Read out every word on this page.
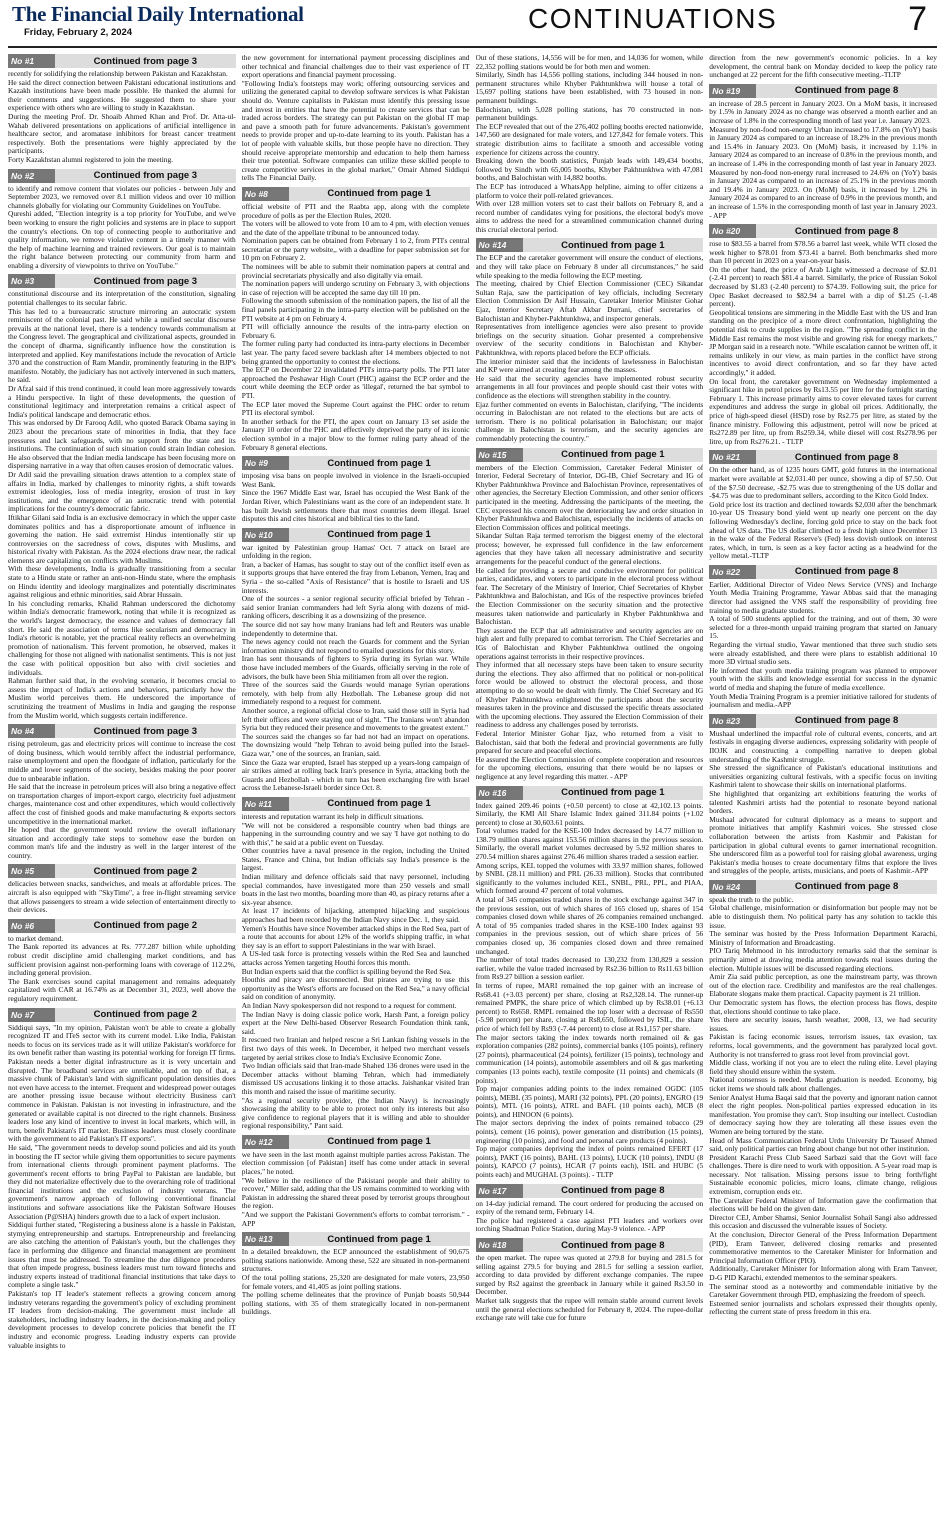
The Financial Daily International
Friday, February 2, 2024	CONTINUATIONS	7
No #1	Continued from page 3

recently for solidifying the relationship between Pakistan and Kazakhstan.

He said the direct connection between Pakistani educational institutions and Kazakh institutions have been made possible. He thanked the alumni for their comments and suggestions. He suggested them to share your experience with others who are willing to study in Kazakhstan.

During the meeting Prof. Dr. Shoaib Ahmed Khan and Prof. Dr. Atta-ul-Wahab delivered presentations on applications of artificial intelligence in healthcare sector, and aromatase inhibitors for breast cancer treatment respectively. Both the presentations were highly appreciated by the participants.

Forty Kazakhstan alumni registered to join the meeting.

No #2	Continued from page 3

to identify and remove content that violates our policies - between July and September 2023, we removed over 8.1 million videos and over 10 million channels globally for violating our Community Guidelines on YouTube.

Qureshi added, "Election integrity is a top priority for YouTube, and we've been working to ensure the right policies and systems are in place to support the country's elections. On top of connecting people to authoritative and quality information, we remove violative content in a timely manner with the help of machine learning and trained reviewers. Our goal is to maintain the right balance between protecting our community from harm and enabling a diversity of viewpoints to thrive on YouTube."

No #3	Continued from page 3

constitutional discourse and its interpretation of the constitution, signaling potential challenges to its secular fabric.

This has led to a bureaucratic structure mirroring an autocratic system reminiscent of the colonial past. He said while a unified secular discourse prevails at the national level, there is a tendency towards communalism at the Congress level. The geographical and civilizational aspects, grounded in the concept of dharma, significantly influence how the constitution is interpreted and applied. Key manifestations include the revocation of Article 370 and the construction of Ram Mandir, prominently featuring in the BJP's manifesto. Notably, the judiciary has not actively intervened in such matters, he said.

Dr Afzal said if this trend continued, it could lean more aggressively towards a Hindu perspective. In light of these developments, the question of constitutional legitimacy and interpretation remains a critical aspect of India's political landscape and democratic ethos.

This was endorsed by Dr Farooq Adil, who quoted Barack Obama saying in 2023 about the precarious state of minorities in India, that they face pressures and lack safeguards, with no support from the state and its institutions. The continuation of such situation could strain Indian cohesion. He also observed that the Indian media landscape has been focusing more on dispersing narrative in a way that often causes erosion of democratic values.

Dr Adil said the prevailing situation draws attention to a complex state of affairs in India, marked by challenges to minority rights, a shift towards extremist ideologies, loss of media integrity, erosion of trust in key institutions, and the emergence of an autocratic trend with potential implications for the country's democratic fabric.

Iftikhar Gilani said India is an exclusive democracy in which the upper caste dominates politics and has a disproportionate amount of influence in governing the nation. He said extremist Hindus intentionally stir up controversies on the sacredness of cows, disputes with Muslims, and historical rivalry with Pakistan. As the 2024 elections draw near, the radical elements are capitalizing on conflicts with Muslims.

With these developments, India is gradually transitioning from a secular state to a Hindu state or rather an anti-non-Hindu state, where the emphasis on Hindu identity and ideology marginalizes and potentially discriminates against religious and ethnic minorities, said Abrar Hussain.

In his concluding remarks, Khalid Rahman underscored the dichotomy within India's democratic framework, noting that while it is recognized as the world's largest democracy, the essence and values of democracy fall short. He said the association of terms like secularism and democracy in India's rhetoric is notable, yet the practical reality reflects an overwhelming promotion of nationalism. This fervent promotion, he observed, makes it challenging for those not aligned with nationalist sentiments. This is not just the case with political opposition but also with civil societies and individuals.

Rahman further said that, in the evolving scenario, it becomes crucial to assess the impact of India's actions and behaviors, particularly how the Muslim world perceives them. He underscored the importance of scrutinizing the treatment of Muslims in India and gauging the response from the Muslim world, which suggests certain indifference.

No #4	Continued from page 3

rising petroleum, gas and electricity prices will continue to increase the cost of doing business, which would terribly affect the industrial performance, raise unemployment and open the floodgate of inflation, particularly for the middle and lower segments of the society, besides making the poor poorer due to unbearable inflation.

He said that the increase in petroleum prices will also bring a negative effect on transportation charges of import-export cargo, electricity fuel adjustment charges, maintenance cost and other expenditures, which would collectively affect the cost of finished goods and make manufacturing & exports sectors uncompetitive in the international market.

He hoped that the government would review the overall inflationary situation and accordingly take steps to somehow ease the burden on common man's life and the industry as well in the larger interest of the country.

No #5	Continued from page 2

delicacies between snacks, sandwiches, and meals at affordable prices. The aircraft is also equipped with "SkyTime", a free in-flight streaming service that allows passengers to stream a wide selection of entertainment directly to their devices.

No #6	Continued from page 2

to market demand.

The Bank reported its advances at Rs. 777.287 billion while upholding robust credit discipline amid challenging market conditions, and has sufficient provision against non-performing loans with coverage of 112.2%, including general provision.

The Bank exercises sound capital management and remains adequately capitalized with CAR at 16.74% as at December 31, 2023, well above the regulatory requirement.

No #7	Continued from page 2

Siddiqui says, "In my opinion, Pakistan won't be able to create a globally recognized IT and ITeS sector with its current model. Like India, Pakistan needs to focus on its services trade as it will utilize Pakistan's workforce for its own benefit rather than wasting its potential working for foreign IT firms. Pakistan needs a better digital infrastructure as it is very uncertain and disrupted. The broadband services are unreliable, and on top of that, a massive chunk of Pakistan's land with significant population densities does not even have access to the internet. Frequent and widespread power outages are another pressing issue because without electricity Business can't commence in Pakistan. Pakistan is not investing in infrastructure, and the generated or available capital is not directed to the right channels. Business leaders lose any kind of incentive to invest in local markets, which will, in turn, benefit Pakistan's IT market. Business leaders must closely coordinate with the government to aid Pakistan's IT exports".

He said, "The government needs to develop sound policies and aid its youth in boosting the IT sector while giving them opportunities to secure payments from international clients through prominent payment platforms. The government's recent efforts to bring PayPal to Pakistan are laudable, but they did not materialize effectively due to the overarching role of traditional financial institutions and the exclusion of industry veterans. The government's narrow approach of following conventional financial institutions and software associations like the Pakistan Software Houses Association (P@SHA) hinders growth due to a lack of expert inclusion.

Siddiqui further stated, "Registering a business alone is a hassle in Pakistan, stymying entrepreneurship and startups. Entrepreneurship and freelancing are also catching the attention of Pakistan's youth, but the challenges they face in performing due diligence and financial management are prominent issues that must be addressed. To streamline the due diligence procedures that often impede progress, business leaders must turn toward fintechs and industry experts instead of traditional financial institutions that take days to complete a single task."

Pakistan's top IT leader's statement reflects a growing concern among industry veterans regarding the government's policy of excluding prominent IT leaders from decision-making. The government must include all stakeholders, including industry leaders, in the decision-making and policy development processes to develop concrete policies that benefit the IT industry and economic progress. Leading industry experts can provide valuable insights to

the new government for international payment processing disciplines and other technical and financial challenges due to their vast experience of IT export operations and financial payment processing.

"Following India's footsteps may work; offering outsourcing services and utilizing the generated capital to develop software services is what Pakistan should do. Venture capitalists in Pakistan must identify this pressing issue and invest in entities that have the potential to create services that can be traded across borders. The strategy can put Pakistan on the global IT map and pave a smooth path for future advancements. Pakistan's government needs to provide proper and up-to-date learning to its youth. Pakistan has a lot of people with valuable skills, but those people have no direction. They should receive appropriate mentorship and education to help them harness their true potential. Software companies can utilize these skilled people to create competitive services in the global market," Omair Ahmed Siddiqui tells The Financial Daily.

No #8	Continued from page 1

official website of PTI and the Raabta app, along with the complete procedure of polls as per the Election Rules, 2020.

The voters will be allowed to vote from 10 am to 4 pm, with election venues and the date of the appellate tribunal to be announced today.

Nomination papers can be obtained from February 1 to 2, from PTI's central secretariat or the party website,, with a deadline for paper submission set for 10 pm on February 2.

The nominees will be able to submit their nomination papers at central and provincial secretariats physically and also digitally via email.

The nomination papers will undergo scrutiny on February 3, with objections in case of rejection will be accepted the same day till 10 pm.

Following the smooth submission of the nomination papers, the list of all the final panels participating in the intra-party election will be published on the PTI website at 4 pm on February 4.

PTI will officially announce the results of the intra-party election on February 6.

The former ruling party had conducted its intra-party elections in December last year. The party faced severe backlash after 14 members objected to not being granted the opportunity to contest the elections.

The ECP on December 22 invalidated PTI's intra-party polls. The PTI later approached the Peshawar High Court (PHC) against the ECP order and the court while deeming the ECP order as 'illegal', returned the bat symbol to PTI.

The ECP later moved the Supreme Court against the PHC order to return PTI its electoral symbol.

In another setback for the PTI, the apex court on January 13 set aside the January 10 order of the PHC and effectively deprived the party of its iconic election symbol in a major blow to the former ruling party ahead of the February 8 general elections.

No #9	Continued from page 1

imposing visa bans on people involved in violence in the Israeli-occupied West Bank.

Since the 1967 Middle East war, Israel has occupied the West Bank of the Jordan River, which Palestinians want as the core of an independent state. It has built Jewish settlements there that most countries deem illegal. Israel disputes this and cites historical and biblical ties to the land.

No #10	Continued from page 1

war ignited by Palestinian group Hamas' Oct. 7 attack on Israel are unfolding in the region.

Iran, a backer of Hamas, has sought to stay out of the conflict itself even as it supports groups that have entered the fray from Lebanon, Yemen, Iraq and Syria - the so-called "Axis of Resistance" that is hostile to Israeli and US interests.

One of the sources - a senior regional security official briefed by Tehran - said senior Iranian commanders had left Syria along with dozens of mid-ranking officers, describing it as a downsizing of the presence.

The source did not say how many Iranians had left and Reuters was unable independently to determine that.

The news agency could not reach the Guards for comment and the Syrian information ministry did not respond to emailed questions for this story.

Iran has sent thousands of fighters to Syria during its Syrian war. While those have included members of the Guards, officially serving in the role of advisors, the bulk have been Shia militiamen from all over the region.

Three of the sources said the Guards would manage Syrian operations remotely, with help from ally Hezbollah. The Lebanese group did not immediately respond to a request for comment.

Another source, a regional official close to Iran, said those still in Syria had left their offices and were staying out of sight. "The Iranians won't abandon Syria but they reduced their presence and movements to the greatest extent."

The sources said the changes so far had not had an impact on operations. The downsizing would "help Tehran to avoid being pulled into the Israel-Gaza war," one of the sources, an Iranian, said.

Since the Gaza war erupted, Israel has stepped up a years-long campaign of air strikes aimed at rolling back Iran's presence in Syria, attacking both the Guards and Hezbollah - which in turn has been exchanging fire with Israel across the Lebanese-Israeli border since Oct. 8.

No #11	Continued from page 1

interests and reputation warrant its help in difficult situations.

"We will not be considered a responsible country when bad things are happening in the surrounding country and we say 'I have got nothing to do with this'," he said at a public event on Tuesday.

Other countries have a naval presence in the region, including the United States, France and China, but Indian officials say India's presence is the largest.

Indian military and defence officials said that navy personnel, including special commandos, have investigated more than 250 vessels and small boats in the last two months, boarding more than 40, as piracy returns after a six-year absence.

At least 17 incidents of hijacking, attempted hijacking and suspicious approaches had been recorded by the Indian Navy since Dec. 1, they said.

Yemen's Houthis have since November attacked ships in the Red Sea, part of a route that accounts for about 12% of the world's shipping traffic, in what they say is an effort to support Palestinians in the war with Israel.

A US-led task force is protecting vessels within the Red Sea and launched attacks across Yemen targeting Houthi forces this month.

But Indian experts said that the conflict is spilling beyond the Red Sea.

Houthis and piracy are disconnected. But pirates are trying to use this opportunity as the West's efforts are focused on the Red Sea," a navy official said on condition of anonymity.

An Indian Navy spokesperson did not respond to a request for comment.

The Indian Navy is doing classic police work, Harsh Pant, a foreign policy expert at the New Delhi-based Observer Research Foundation think tank, said.

It rescued two Iranian and helped rescue a Sri Lankan fishing vessels in the first two days of this week. In December, it helped two merchant vessels targeted by aerial strikes close to India's Exclusive Economic Zone.

Two Indian officials said that Iran-made Shahed 136 drones were used in the December attacks without blaming Tehran, which had immediately dismissed US accusations linking it to those attacks. Jaishankar visited Iran this month and raised the issue of maritime security.

"As a regional security provider, (the Indian Navy) is increasingly showcasing the ability to be able to protect not only its interests but also give confidence to regional players that it is willing and able to shoulder regional responsibility," Pant said.

No #12	Continued from page 1

we have seen in the last month against multiple parties across Pakistan. The election commission [of Pakistan] itself has come under attack in several places," he noted.

"We believe in the resilience of the Pakistani people and their ability to recover," Miller said, adding that the US remains committed to working with Pakistan in addressing the shared threat posed by terrorist groups throughout the region.

"And we support the Pakistani Government's efforts to combat terrorism." - APP

No #13	Continued from page 1

In a detailed breakdown, the ECP announced the establishment of 90,675 polling stations nationwide. Among these, 522 are situated in non-permanent structures.

Of the total polling stations, 25,320 are designated for male voters, 23,950 for female voters, and 41,405 as joint polling stations.

The polling scheme delineates that the province of Punjab boasts 50,944 polling stations, with 35 of them strategically located in non-permanent buildings.

Out of these stations, 14,556 will be for men, and 14,036 for women, while 22,352 polling stations would be for both men and women.

Similarly, Sindh has 14,556 polling stations, including 344 housed in non-permanent structures while Khyber Pakhtunkhwa will house a total of 15,697 polling stations have been established, with 73 housed in non-permanent buildings.

Balochistan, with 5,028 polling stations, has 70 constructed in non-permanent buildings.

The ECP revealed that out of the 276,402 polling booths erected nationwide, 147,560 are designated for male voters, and 127,842 for female voters. This strategic distribution aims to facilitate a smooth and accessible voting experience for citizens across the country.

Breaking down the booth statistics, Punjab leads with 149,434 booths, followed by Sindh with 65,005 booths, Khyber Pakhtunkhwa with 47,081 booths, and Balochistan with 14,882 booths.

The ECP has introduced a WhatsApp helpline, aiming to offer citizens a platform to voice their poll-related grievances.

With over 128 million voters set to cast their ballots on February 8, and a record number of candidates vying for positions, the electoral body's move aims to address the need for a streamlined communication channel during this crucial electoral period.

No #14	Continued from page 1

The ECP and the caretaker government will ensure the conduct of elections, and they will take place on February 8 under all circumstances," he said while speaking to the media following the ECP meeting.

The meeting, chaired by Chief Election Commissioner (CEC) Sikandar Sultan Raja, saw the participation of key officials, including Secretary Election Commission Dr Asif Hussain, Caretaker Interior Minister Gohar Ejaz, Interior Secretary Aftab Akbar Durrani, chief secretaries of Balochistan and Khyber-Pakhtunkhwa, and inspector generals.

Representatives from intelligence agencies were also present to provide briefings on the security situation. Gohar presented a comprehensive overview of the security conditions in Balochistan and Khyber-Pakhtunkhwa, with reports placed before the ECP officials.

The interior minister said that the incidents of lawlessness in Balochistan and KP were aimed at creating fear among the masses.

He said that the security agencies have implemented robust security arrangements in all four provinces and people should cast their votes with confidence as the elections will strengthen stability in the country.

Ejaz further commented on events in Balochistan, clarifying, "The incidents occurring in Balochistan are not related to the elections but are acts of terrorism. There is no political polarisation in Balochistan; our major challenge in Balochistan is terrorism, and the security agencies are commendably protecting the country."

No #15	Continued from page 1

members of the Election Commission, Caretaker Federal Minister of Interior, Federal Secretary of Interior, DG-IB, Chief Secretary and IG of Khyber Pakhtunkhwa Province and Balochistan Province, representatives of other agencies, the Secretary Election Commission, and other senior officers participated in the meeting. Addressing the participants of the meeting, the CEC expressed his concern over the deteriorating law and order situation in Khyber Pakhtunkhwa and Balochistan, especially the incidents of attacks on Election Commission offices and political meetings.

Sikandar Sultan Raja termed terrorism the biggest enemy of the electoral process; however, he expressed full confidence in the law enforcement agencies that they have taken all necessary administrative and security arrangements for the peaceful conduct of the general elections.

He called for providing a secure and conducive environment for political parties, candidates, and voters to participate in the electoral process without fear. The Secretary of the Ministry of Interior, Chief Secretaries of Khyber Pakhtunkhwa and Balochistan, and IGs of the respective provinces briefed the Election Commissioner on the security situation and the protective measures taken nationwide and particularly in Khyber Pakhtunkhwa and Balochistan.

They assured the ECP that all administrative and security agencies are on high alert and fully prepared to combat terrorism. The Chief Secretaries and IGs of Balochistan and Khyber Pakhtunkhwa outlined the ongoing operations against terrorists in their respective provinces.

They informed that all necessary steps have been taken to ensure security during the elections. They also affirmed that no political or non-political force would be allowed to obstruct the electoral process, and those attempting to do so would be dealt with firmly. The Chief Secretary and IG of Khyber Pakhtunkhwa enlightened the participants about the security measures taken in the province and discussed the specific threats associated with the upcoming elections. They assured the Election Commission of their readiness to address any challenges posed by terrorists.

Federal Interior Minister Gohar Ijaz, who returned from a visit to Balochistan, said that both the federal and provincial governments are fully prepared for secure and peaceful elections.

He assured the Election Commission of complete cooperation and resources for the upcoming elections, ensuring that there would be no lapses or negligence at any level regarding this matter. - APP

No #16	Continued from page 1

Index gained 209.46 points (+0.50 percent) to close at 42,102.13 points. Similarly, the KMI All Share Islamic Index gained 311.84 points (+1.02 percent) to close at 30,603.61 points.

Total volumes traded for the KSE-100 Index decreased by 14.77 million to 138.79 million shares against 153.56 million shares in the previous session. Similarly, the overall market volumes decreased by 5.92 million shares to 270.54 million shares against 276.46 million shares traded a session earlier.

Among scrips, KEL topped the volumes with 33.97 million shares, followed by SNBL (28.11 million) and PRL (26.33 million). Stocks that contributed significantly to the volumes included KEL, SNBL, PRL, PPL, and PIAA, which formed around 47 percent of total volumes.

A total of 345 companies traded shares in the stock exchange against 347 in the previous session, out of which shares of 165 closed up, shares of 154 companies closed down while shares of 26 companies remained unchanged. A total of 95 companies traded shares in the KSE-100 Index against 93 companies in the previous session, out of which share prices of 56 companies closed up, 36 companies closed down and three remained unchanged.

The number of total trades decreased to 130,232 from 130,829 a session earlier, while the value traded increased by Rs2.36 billion to Rs11.63 billion from Rs9.27 billion a session earlier.

In terms of rupee, MARI remained the top gainer with an increase of Rs68.41 (+3.03 percent) per share, closing at Rs2,328.14. The runner-up remained PMPK, the share price of which climbed up by Rs38.01 (+6.13 percent) to Rs658. RMPL remained the top loser with a decrease of Rs550 (-5.98 percent) per share, closing at Rs8,650, followed by ISIL, the share price of which fell by Rs93 (-7.44 percent) to close at Rs1,157 per share.

The major sectors taking the index towards north remained oil & gas exploration companies (282 points), commercial banks (105 points), refinery (27 points), pharmaceutical (24 points), fertilizer (15 points), technology and communication (14 points), automobile assemblers and oil & gas marketing companies (13 points each), textile composite (11 points) and chemicals (8 points).

Top major companies adding points to the index remained OGDC (105 points), MEBL (35 points), MARI (32 points), PPL (20 points), ENGRO (19 points), MTL (16 points), ATRL and BAFL (10 points each), MCB (8 points), and HINOON (6 points).

The major sectors depriving the index of points remained tobacco (29 points), cement (16 points), power generation and distribution (15 points), engineering (10 points), and food and personal care products (4 points).

Top major companies depriving the index of points remained EFERT (17 points), PAKT (16 points), BAHL (13 points), LUCK (10 points), INDU (8 points), KAPCO (7 points), HCAR (7 points each), ISIL and HUBC (5 points each) and MUGHAL (3 points). - TLTP

No #17	Continued from page 8

on 14-day judicial remand. The court ordered for producing the accused on expiry of the remand term, February 14.

The police had registered a case against PTI leaders and workers over torching Shadman Police Station, during May-9 violence. - APP

No #18	Continued from page 8

the open market. The rupee was quoted at 279.8 for buying and 281.5 for selling against 279.5 for buying and 281.5 for selling a session earlier, according to data provided by different exchange companies. The rupee surged by Rs2 against the greenback in January while it gained Rs3.50 in December.

Market talk suggests that the rupee will remain stable around current levels until the general elections scheduled for February 8, 2024. The rupee-dollar exchange rate will take cue for future

direction from the new government's economic policies. In a key development, the central bank on Monday decided to keep the policy rate unchanged at 22 percent for the fifth consecutive meeting.-TLTP

No #19	Continued from page 8

an increase of 28.5 percent in January 2023. On a MoM basis, it increased by 1.5% in January 2024 as no change was observed a month earlier and an increase of 1.8% in the corresponding month of last year i.e. January 2023.

Measured by non-food non-energy Urban increased to 17.8% on (YoY) basis in January 2024 as compared to an increase of 18.2% in the previous month and 15.4% in January 2023. On (MoM) basis, it increased by 1.1% in January 2024 as compared to an increase of 0.8% in the previous month, and an increase of 1.4% in the corresponding month of last year in January 2023.

Measured by non-food non-energy rural increased to 24.6% on (YoY) basis in January 2024 as compared to an increase of 25.1% in the previous month and 19.4% in January 2023. On (MoM) basis, it increased by 1.2% in January 2024 as compared to an increase of 0.9% in the previous month, and an increase of 1.5% in the corresponding month of last year in January 2023. - APP

No #20	Continued from page 8

rose to $83.55 a barrel from $78.56 a barrel last week, while WTI closed the week higher to $78.01 from $73.41 a barrel. Both benchmarks shed more than 10 percent in 2023 on a year-on-year basis.

On the other hand, the price of Arab Light witnessed a decrease of $2.01 (-2.41 percent) to reach $81.4 a barrel. Similarly, the price of Russian Sokol decreased by $1.83 (-2.40 percent) to $74.39. Following suit, the price for Opec Basket decreased to $82.94 a barrel with a dip of $1.25 (-1.48 percent).

Geopolitical tensions are simmering in the Middle East with the US and Iran standing on the precipice of a more direct confrontation, highlighting the potential risk to crude supplies in the region. "The spreading conflict in the Middle East remains the most visible and growing risk for energy markets," JP Morgan said in a research note. "While escalation cannot be written off, it remains unlikely in our view, as main parties in the conflict have strong incentives to avoid direct confrontation, and so far they have acted accordingly," it added.

On local front, the caretaker government on Wednesday implemented a significant hike in petrol prices by Rs13.55 per litre for the fortnight starting February 1. This increase primarily aims to cover elevated taxes for current expenditures and address the surge in global oil prices. Additionally, the price of high-speed diesel (HSD) rose by Rs2.75 per litre, as stated by the finance ministry. Following this adjustment, petrol will now be priced at Rs272.89 per litre, up from Rs259.34, while diesel will cost Rs278.96 per litre, up from Rs276.21. - TLTP

No #21	Continued from page 8

On the other hand, as of 1235 hours GMT, gold futures in the international market were available at $2,031.40 per ounce, showing a dip of $7.50. Out of the $7.50 decrease, -$2.75 was due to strengthening of the US dollar and -$4.75 was due to predominant sellers, according to the Kitco Gold Index.

Gold price lost its traction and declined towards $2,030 after the benchmark 10-year US Treasury bond yield went up nearly one percent on the day following Wednesday's decline, forcing gold price to stay on the back foot ahead of US data. The US dollar climbed to a fresh high since December 13 in the wake of the Federal Reserve's (Fed) less dovish outlook on interest rates, which, in turn, is seen as a key factor acting as a headwind for the yellow metal.-TLTP

No #22	Continued from page 8

Earlier, Additional Director of Video News Service (VNS) and Incharge Youth Media Training Programme, Yawar Abbas said that the managing director had assigned the VNS staff the responsibility of providing free training to media graduate students.

A total of 500 students applied for the training, and out of them, 30 were selected for a three-month unpaid training program that started on January 15.

Regarding the virtual studio, Yawar mentioned that three such studio sets were already established, and there were plans to establish additional 10 more 3D virtual studio sets.

He informed that youth media training program was planned to empower youth with the skills and knowledge essential for success in the dynamic world of media and shaping the future of media excellence.

Youth Media Training Program is a premier initiative tailored for students of journalism and media.-APP

No #23	Continued from page 8

Mushaal underlined the impactful role of cultural events, concerts, and art festivals in engaging diverse audiences, expressing solidarity with people of IIOJK and constructing a compelling narrative to deepen global understanding of the Kashmir struggle.

She stressed the significance of Pakistan's educational institutions and universities organizing cultural festivals, with a specific focus on inviting Kashmiri talent to showcase their skills on international platforms.

She highlighted that organizing art exhibitions featuring the works of talented Kashmiri artists had the potential to resonate beyond national borders.

Mushaal advocated for cultural diplomacy as a means to support and promote initiatives that amplify Kashmiri voices. She stressed close collaboration between the artists from Kashmir and Pakistan for participation in global cultural events to garner international recognition. She underscored film as a powerful tool for raising global awareness, urging Pakistan's media houses to create documentary films that explore the lives and struggles of the people, artists, musicians, and poets of Kashmir.-APP

No #24	Continued from page 8

speak the truth to the public.

Global challenge, misinformation or disinformation but people may not be able to distinguish them. No political party has any solution to tackle this issue.

The seminar was hosted by the Press Information Department Karachi, Ministry of Information and Broadcasting.

PIO Tariq Mehmood in his introductory remarks said that the seminar is primarily aimed at drawing media attention towards real issues during the election. Multiple issues will be discussed regarding elections.

Amir Zia said public perception, as one the mainstream party, was thrown out of the election race. Credibility and manifestos are the real challenges. Elaborate slogans make them practical. Capacity payment is 21 trillion.

Our Democratic system has flows, the election process has flows, despite that, elections should continue to take place.

Yes there are security issues, harsh weather, 2008, 13, we had security issues.

Pakistan is facing economic issues, terrorism issues, tax evasion, tax reforms, local governments, and the government has paralyzed local govt. Authority is not transferred to grass root level from provincial govt.

Middle class, working if not you are to elect the ruling elite. Level playing field they should ensure within the system.

National consensus is needed. Media graduation is needed. Economy, big ticket items we should talk about challenges.

Senior Analyst Huma Baqai said that the poverty and ignorant nation cannot elect the right peoples. Non-political parties expressed education in its manifestation. You promise they can't. Stop insulting our intellect. Custodian of democracy saying how they are tolerating all these issues even the Women are being tortured by the state.

Head of Mass Communication Federal Urdu University Dr Tauseef Ahmed said, only political parties can bring about change but not other institution.

President Karachi Press Club Saeed Sarbazi said that the Govt will face challenges. There is dire need to work with opposition. A 5-year road map is necessary. Not talisation. Missing persons issue to bring forth/fight Sustainable economic policies, micro loans, climate change, religious extremism, corruption ends etc.

The Caretaker Federal Minister of Information gave the confirmation that elections will be held on the given date.

Director CEJ, Amber Shamsi, Senior Journalist Sohail Sangi also addressed this occasion and discussed the vulnerable issues of Society.

At the conclusion, Director General of the Press Information Department (PID), Eram Tanveer, delivered closing remarks and presented commemorative mementos to the Caretaker Minister for Information and Principal Information Officer (PIO).

Additionally, Caretaker Minister for Information along with Eram Tanveer, D-G PID Karachi, extended mementos to the seminar speakers.

The seminar stood as a noteworthy and commendable initiative by the Caretaker Government through PID, emphasizing the freedom of speech.

Esteemed senior journalists and scholars expressed their thoughts openly, reflecting the current state of press freedom in this era.
